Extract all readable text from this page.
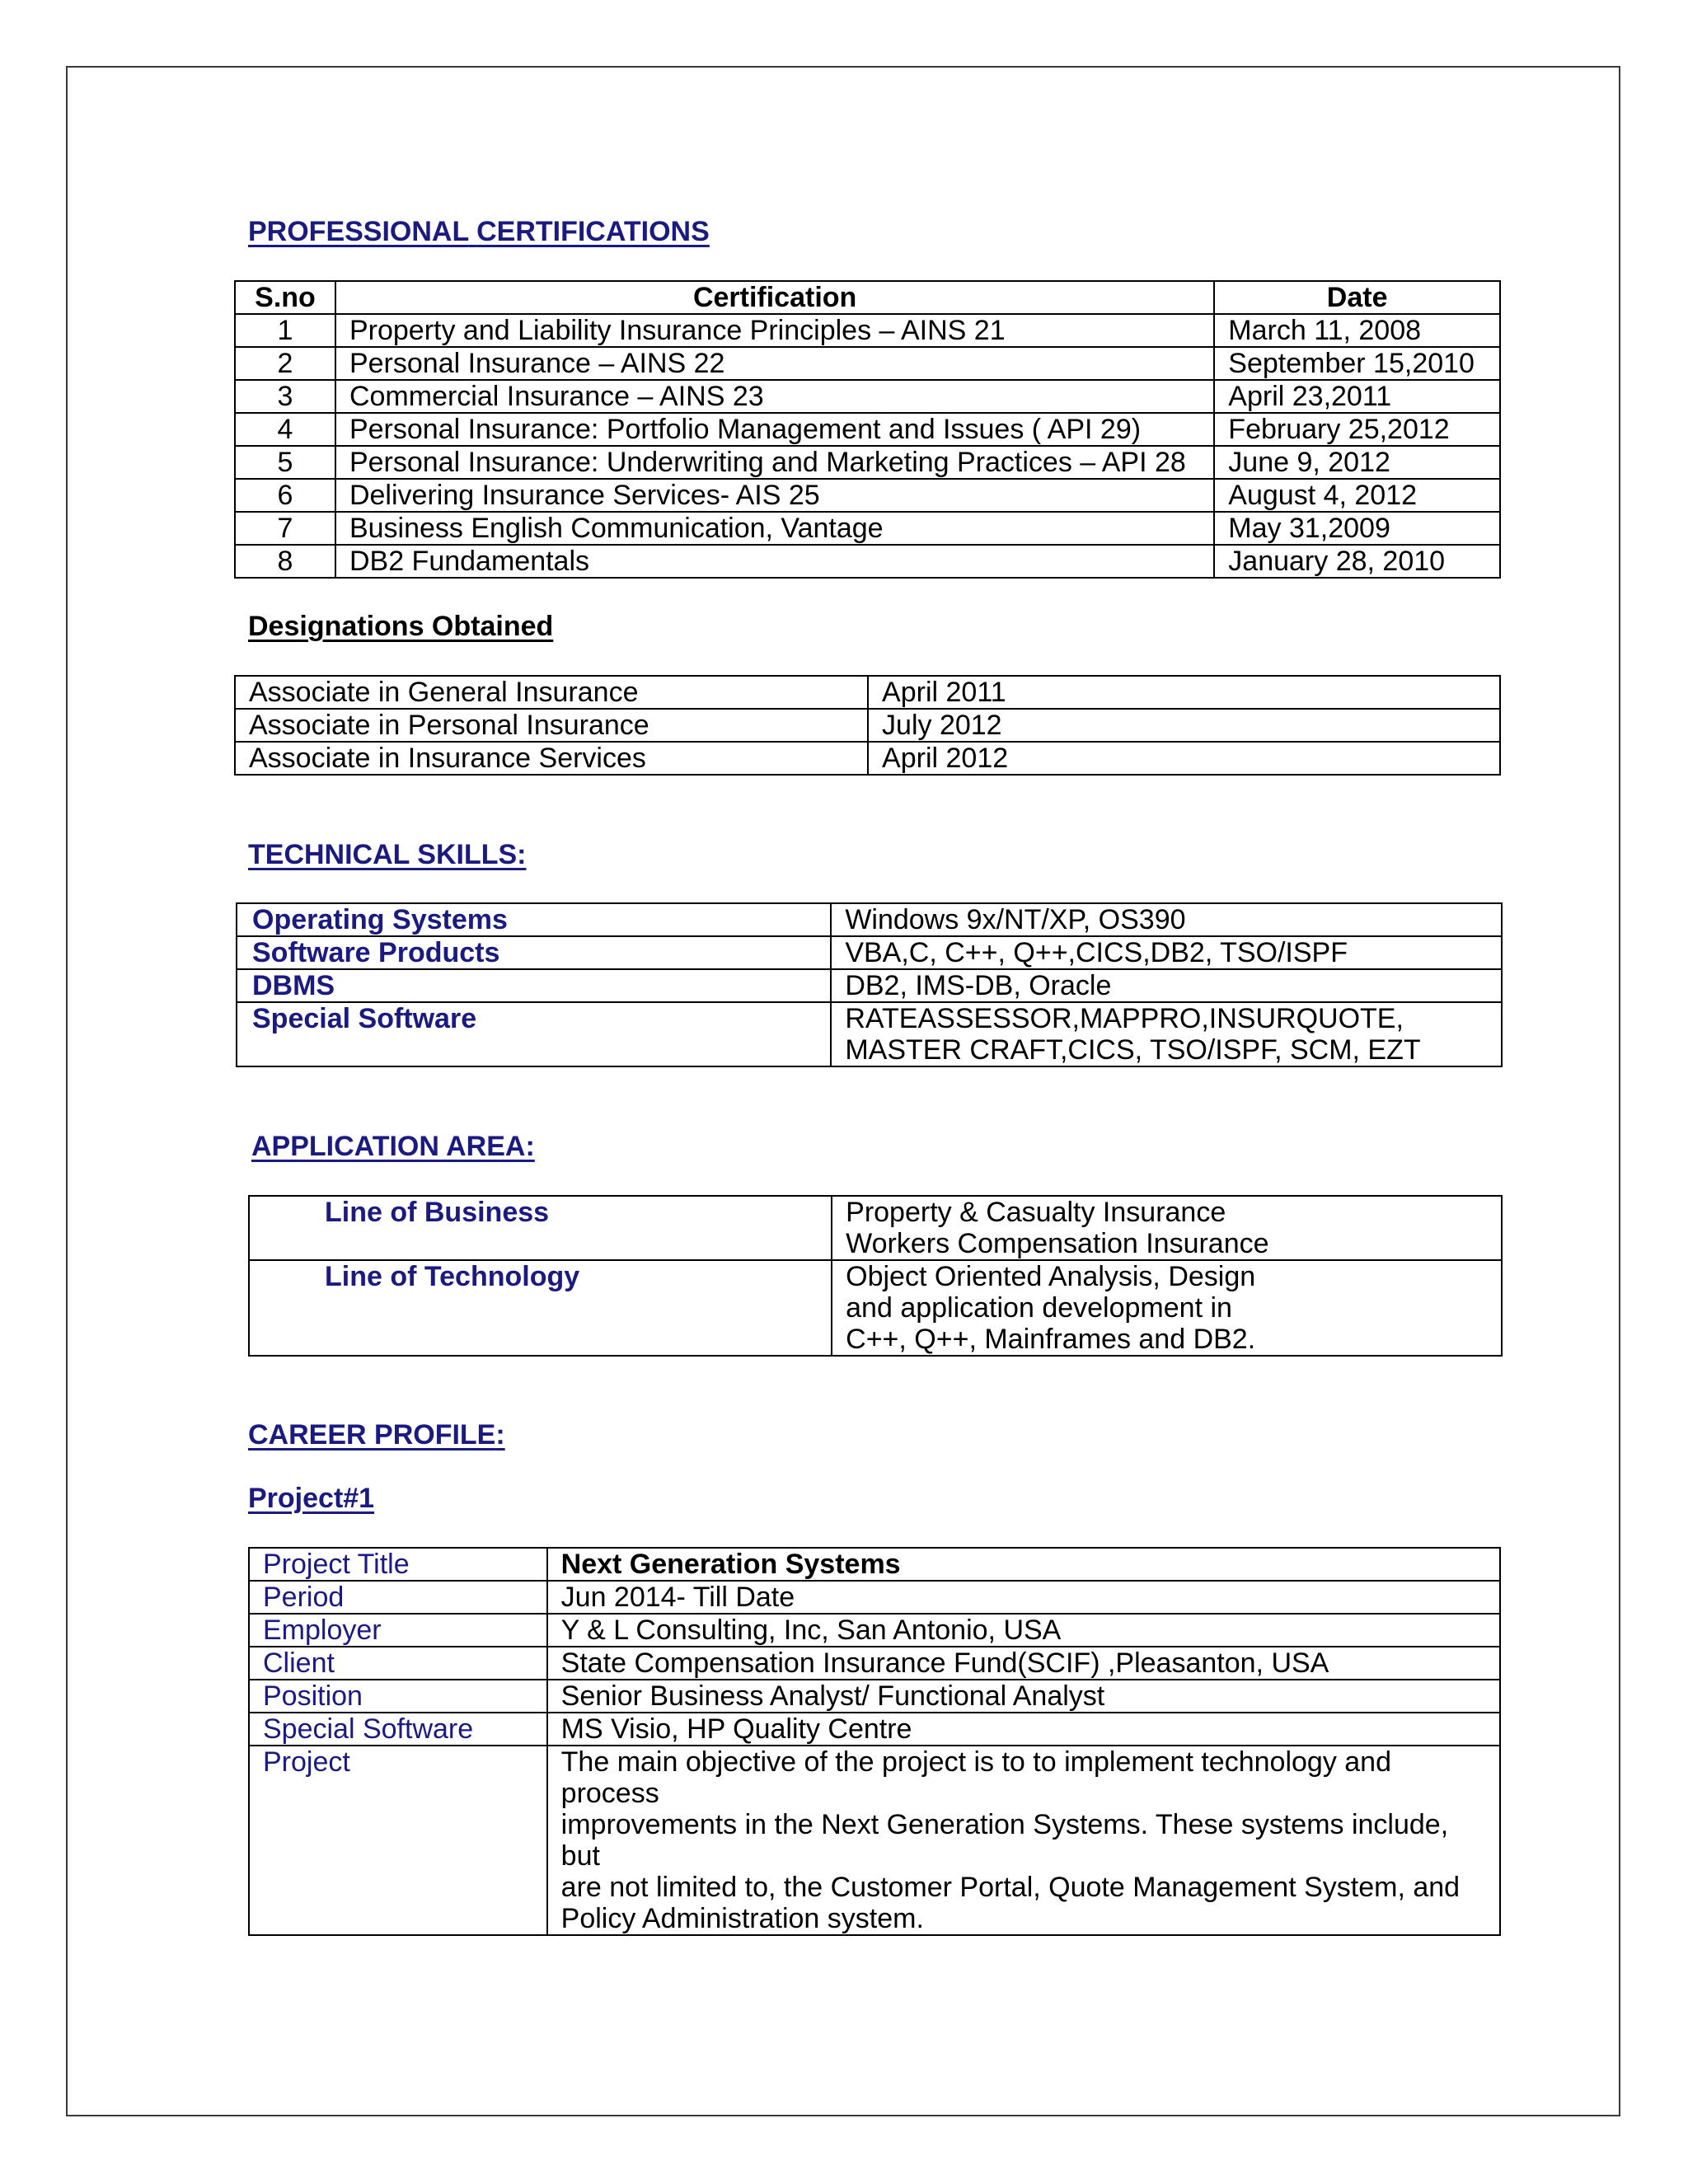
PROFESSIONAL CERTIFICATIONS
S.no	Certification	Date
1	Property and Liability Insurance Principles – AINS 21	March 11, 2008
2	Personal Insurance – AINS 22	September 15,2010
3	Commercial Insurance – AINS 23	April 23,2011
4	Personal Insurance: Portfolio Management and Issues ( API 29)	February 25,2012
5	Personal Insurance: Underwriting and Marketing Practices – API 28	June 9, 2012
6	Delivering Insurance Services- AIS 25	August 4, 2012
7	Business English Communication, Vantage	May 31,2009
8	DB2 Fundamentals	January 28, 2010
Designations Obtained
Associate in General Insurance	April 2011
Associate in Personal Insurance	July 2012
Associate in Insurance Services	April 2012
TECHNICAL SKILLS:
Operating Systems	Windows 9x/NT/XP, OS390
Software Products	VBA,C, C++, Q++,CICS,DB2, TSO/ISPF
DBMS	DB2, IMS-DB, Oracle
Special Software	RATEASSESSOR,MAPPRO,INSURQUOTE,
MASTER CRAFT,CICS, TSO/ISPF, SCM, EZT
APPLICATION AREA:
Line of Business	Property & Casualty Insurance
Workers Compensation Insurance
Line of Technology	Object Oriented Analysis, Design
and application development in
C++, Q++, Mainframes and DB2.
CAREER PROFILE:
Project#1
Project Title	Next Generation Systems
Period	Jun 2014- Till Date
Employer	Y & L Consulting, Inc, San Antonio, USA
Client	State Compensation Insurance Fund(SCIF) ,Pleasanton, USA
Position	Senior Business Analyst/ Functional Analyst
Special Software	MS Visio, HP Quality Centre
Project	The main objective of the project is to to implement technology and process
improvements in the Next Generation Systems. These systems include, but
are not limited to, the Customer Portal, Quote Management System, and
Policy Administration system.
